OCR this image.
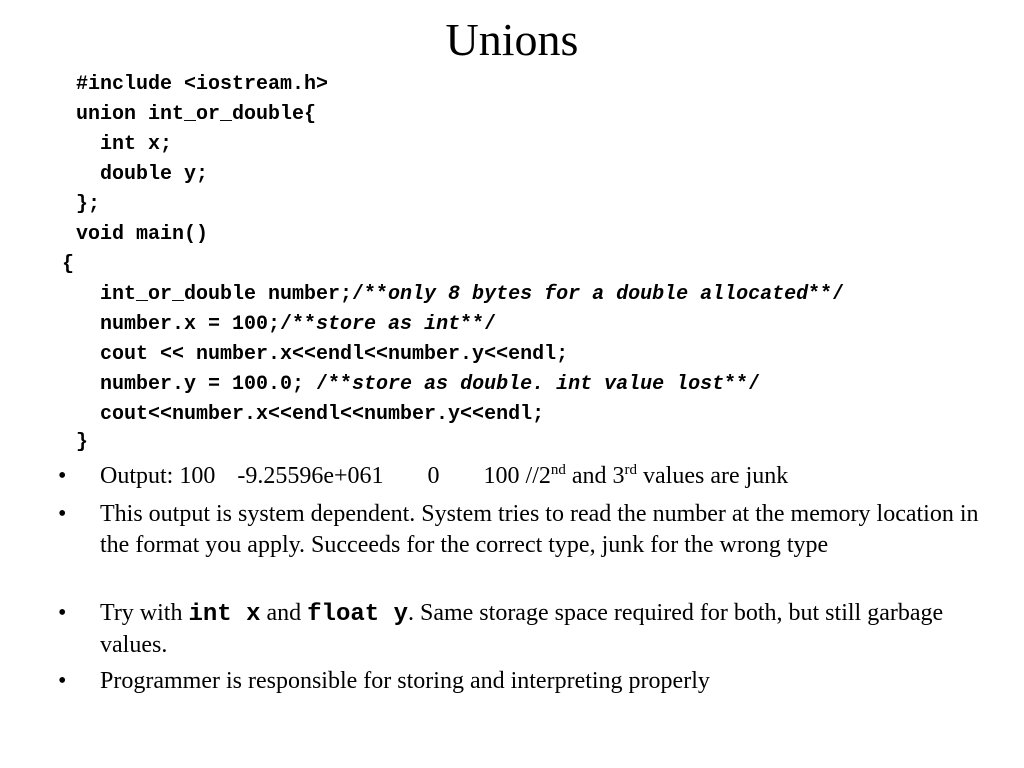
Unions
#include <iostream.h>
union int_or_double{
int x;
double y;
};
void main()
{
int_or_double number;/**only 8 bytes for a double allocated**/
number.x = 100;/**store as int**/
cout << number.x<<endl<<number.y<<endl;
number.y = 100.0; /**store as double. int value lost**/
cout<<number.x<<endl<<number.y<<endl;
}
• Output: 100 -9.25596e+061 0 100 //2nd and 3rd values are junk
• This output is system dependent. System tries to read the number at the memory location in the format you apply. Succeeds for the correct type, junk for the wrong type
• Try with int x and float y. Same storage space required for both, but still garbage values.
• Programmer is responsible for storing and interpreting properly
